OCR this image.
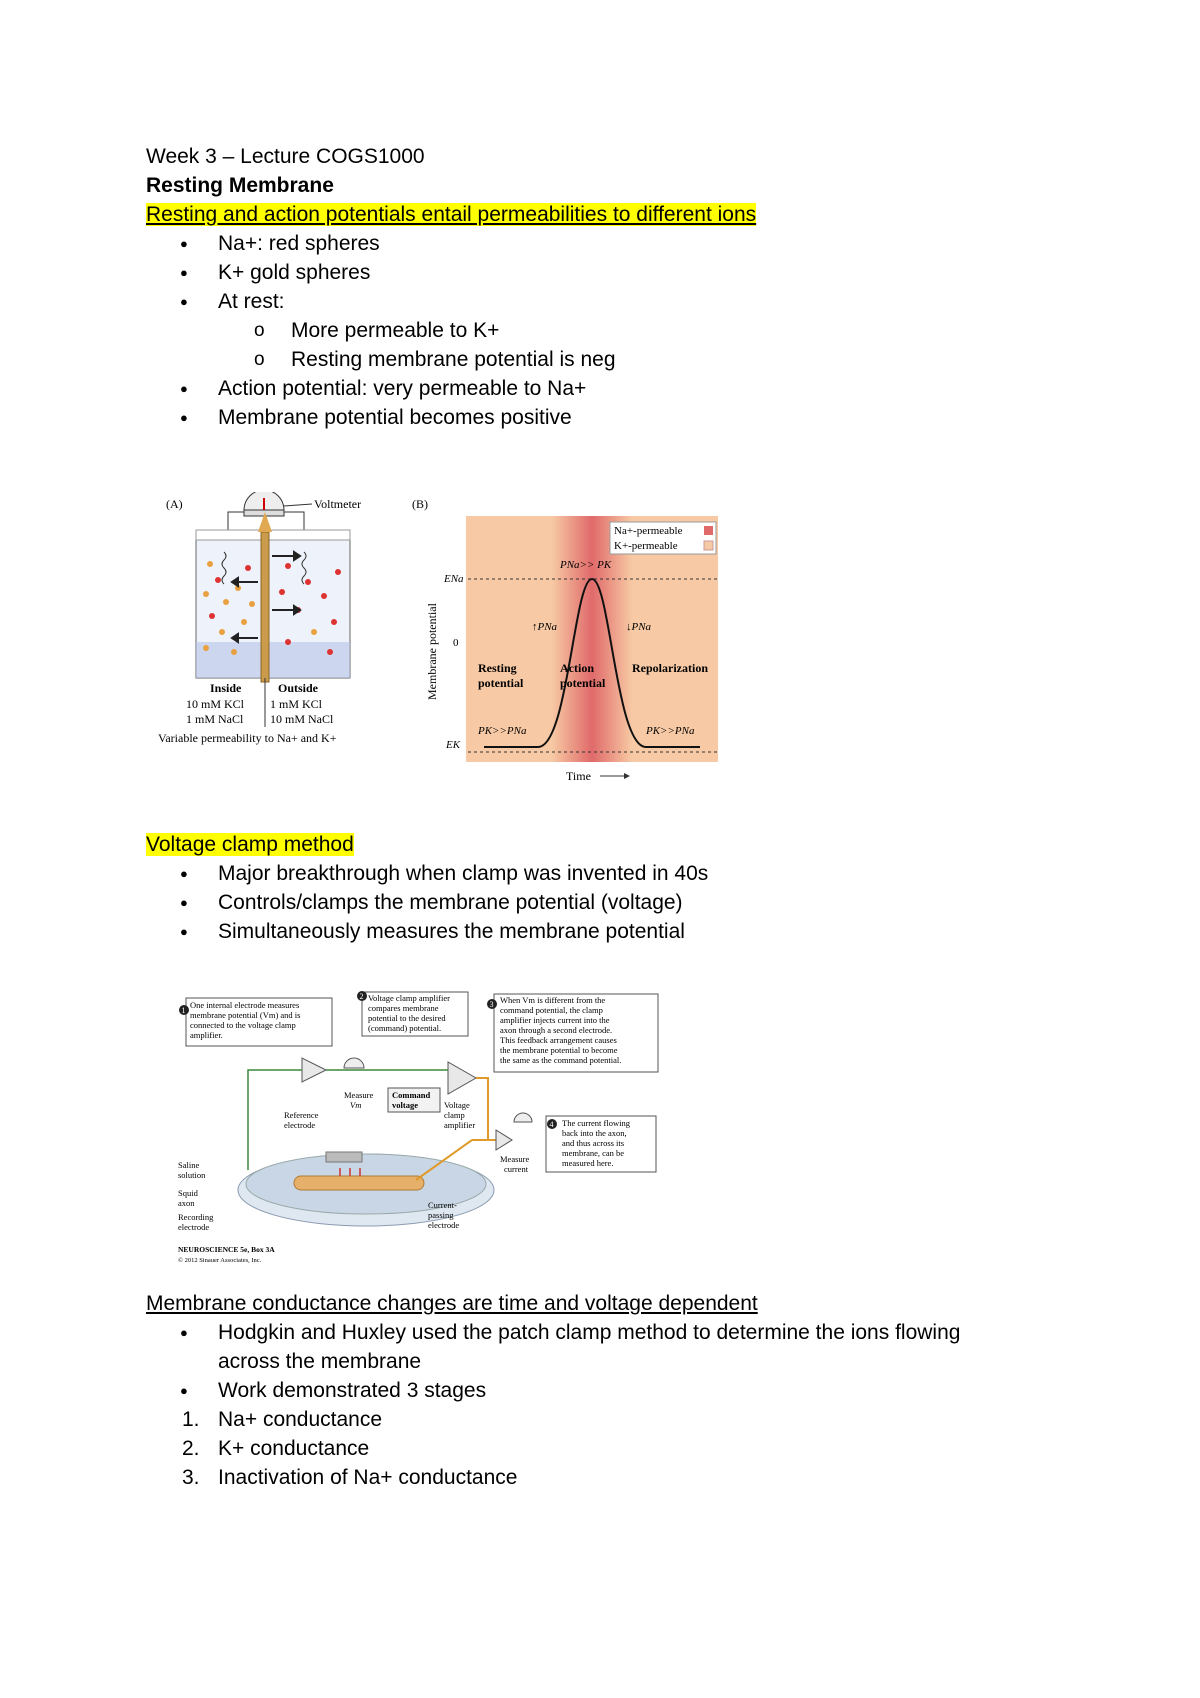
Week 3 – Lecture COGS1000
Resting Membrane
Resting and action potentials entail permeabilities to different ions
● Na+: red spheres
● K+ gold spheres
● At rest:
o More permeable to K+
o Resting membrane potential is neg
● Action potential: very permeable to Na+
● Membrane potential becomes positive
(A)	Voltmeter
Inside	Outside
10 mM KCl 1 mM KCl
1 mM NaCl 10 mM NaCl
Variable permeability to Na+ and K+
(B)
Na+-permeable
K+-permeable
Membrane potential
ENa
0
EK
PNa>> PK
↑PNa	↓PNa
Resting
potential
Action
potential
Repolarization
PK>>PNa	PK>>PNa
Time
Voltage clamp method
● Major breakthrough when clamp was invented in 40s
● Controls/clamps the membrane potential (voltage)
● Simultaneously measures the membrane potential
1
One internal electrode measures
membrane potential (Vm) and is
connected to the voltage clamp
amplifier.
2 Voltage clamp amplifier
compares membrane
potential to the desired
(command) potential.
3 When Vm is different from the
command potential, the clamp
amplifier injects current into the
axon through a second electrode.
This feedback arrangement causes
the membrane potential to become
the same as the command potential.
Measure
Vm
Command
voltage	Voltage
clamp
amplifier
Measure
current
4 The current flowing
back into the axon,
and thus across its
membrane, can be
measured here.
Reference
electrode
Saline
solution
Squid
axon
Recording
electrode
Current-
passing
electrode
NEUROSCIENCE 5e, Box 3A
© 2012 Sinauer Associates, Inc.
Membrane conductance changes are time and voltage dependent
● Hodgkin and Huxley used the patch clamp method to determine the ions flowing
across the membrane
● Work demonstrated 3 stages
1. Na+ conductance
2. K+ conductance
3. Inactivation of Na+ conductance
